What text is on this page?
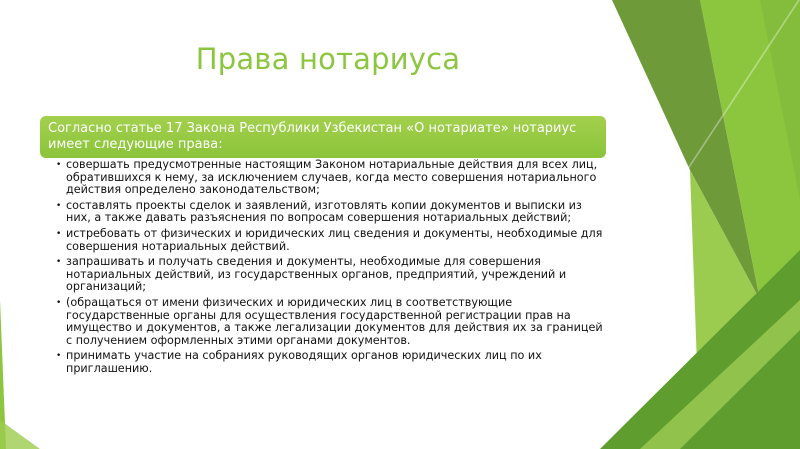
Права нотариуса
Согласно статье 17 Закона Республики Узбекистан «О нотариате» нотариус имеет следующие права:
• совершать предусмотренные настоящим Законом нотариальные действия для всех лиц, обратившихся к нему, за исключением случаев, когда место совершения нотариального действия определено законодательством;
• составлять проекты сделок и заявлений, изготовлять копии документов и выписки из них, а также давать разъяснения по вопросам совершения нотариальных действий;
• истребовать от физических и юридических лиц сведения и документы, необходимые для совершения нотариальных действий.
• запрашивать и получать сведения и документы, необходимые для совершения нотариальных действий, из государственных органов, предприятий, учреждений и организаций;
• (обращаться от имени физических и юридических лиц в соответствующие государственные органы для осуществления государственной регистрации прав на имущество и документов, а также легализации документов для действия их за границей с получением оформленных этими органами документов.
• принимать участие на собраниях руководящих органов юридических лиц по их приглашению.
